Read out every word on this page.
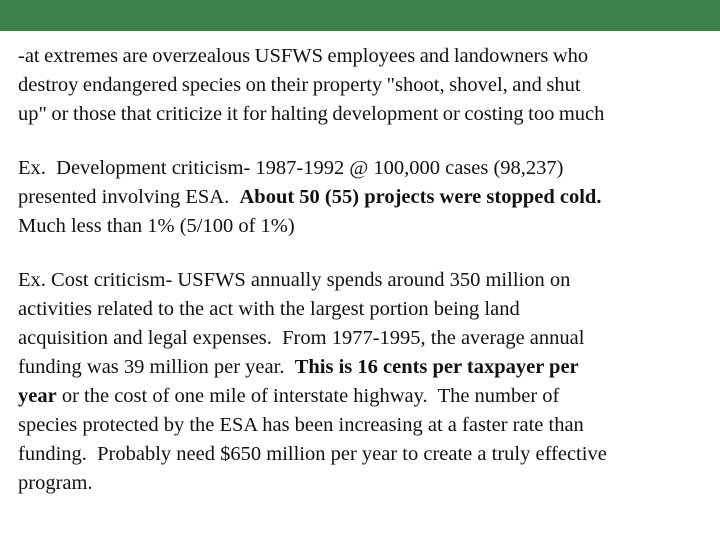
-at extremes are overzealous USFWS employees and landowners who
destroy endangered species on their property "shoot, shovel, and shut
up" or those that criticize it for halting development or costing too much

Ex.  Development criticism- 1987-1992 @ 100,000 cases (98,237)
presented involving ESA.  About 50 (55) projects were stopped cold.
Much less than 1% (5/100 of 1%)

Ex. Cost criticism- USFWS annually spends around 350 million on
activities related to the act with the largest portion being land
acquisition and legal expenses.  From 1977-1995, the average annual
funding was 39 million per year.  This is 16 cents per taxpayer per
year or the cost of one mile of interstate highway.  The number of
species protected by the ESA has been increasing at a faster rate than
funding.  Probably need $650 million per year to create a truly effective
program.
